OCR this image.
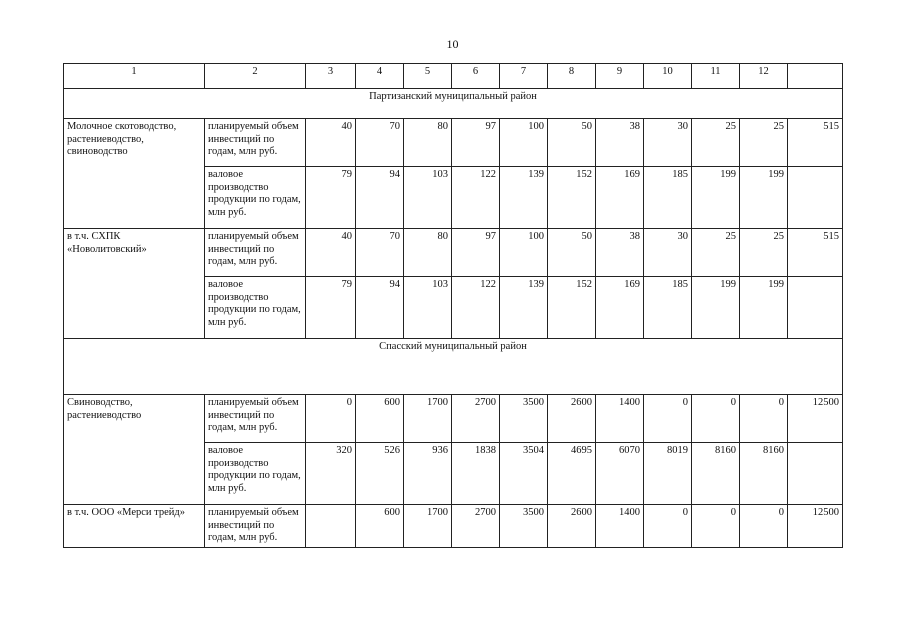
10
1	2	3	4	5	6	7	8	9	10	11	12	
Партизанский муниципальный район												
Молочное скотоводство, растениеводство, свиноводство	планируемый объем инвестиций по годам, млн руб.	40	70	80	97	100	50	38	30	25	25	515
	валовое производство продукции по годам, млн руб.	79	94	103	122	139	152	169	185	199	199	
в т.ч. СХПК «Новолитовский»	планируемый объем инвестиций по годам, млн руб.	40	70	80	97	100	50	38	30	25	25	515
	валовое производство продукции по годам, млн руб.	79	94	103	122	139	152	169	185	199	199	
Спасский муниципальный район												
Свиноводство, растениеводство	планируемый объем инвестиций по годам, млн руб.	0	600	1700	2700	3500	2600	1400	0	0	0	12500
	валовое производство продукции по годам, млн руб.	320	526	936	1838	3504	4695	6070	8019	8160	8160	
в т.ч. ООО «Мерси трейд»	планируемый объем инвестиций по годам, млн руб.		600	1700	2700	3500	2600	1400	0	0	0	12500
